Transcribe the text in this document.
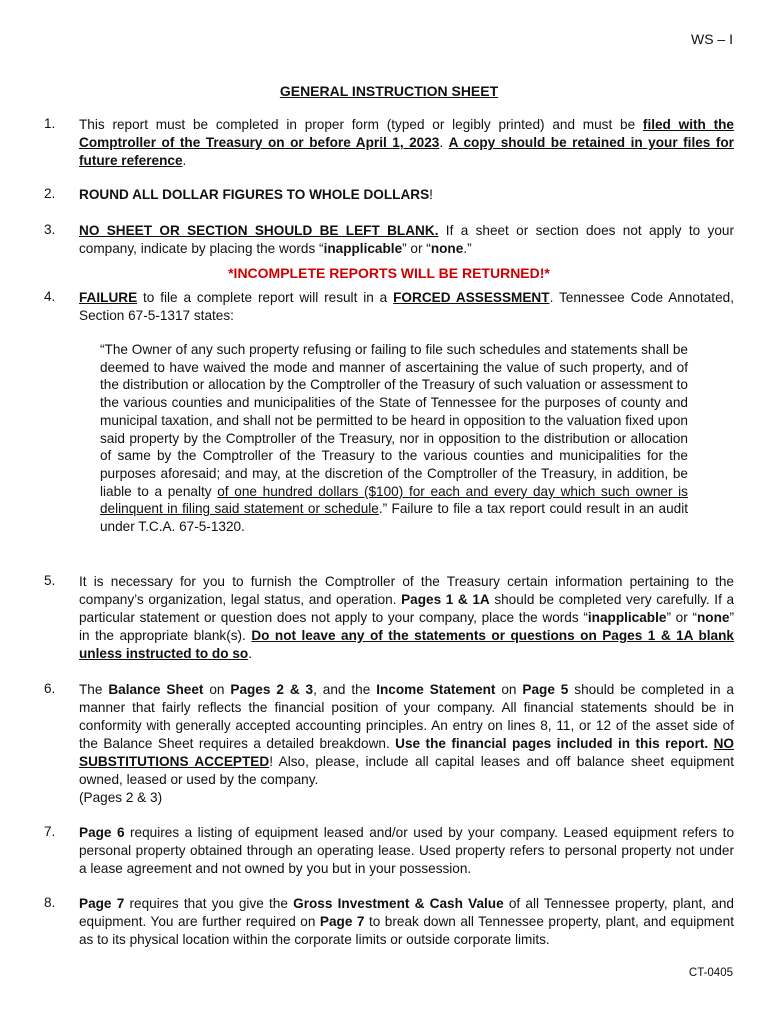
WS – I
GENERAL INSTRUCTION SHEET
1.	This report must be completed in proper form (typed or legibly printed) and must be filed with the Comptroller of the Treasury on or before April 1, 2023. A copy should be retained in your files for future reference.
2.	ROUND ALL DOLLAR FIGURES TO WHOLE DOLLARS!
3.	NO SHEET OR SECTION SHOULD BE LEFT BLANK. If a sheet or section does not apply to your company, indicate by placing the words “inapplicable” or “none.”
*INCOMPLETE REPORTS WILL BE RETURNED!*
4.	FAILURE to file a complete report will result in a FORCED ASSESSMENT. Tennessee Code Annotated, Section 67-5-1317 states:
“The Owner of any such property refusing or failing to file such schedules and statements shall be deemed to have waived the mode and manner of ascertaining the value of such property, and of the distribution or allocation by the Comptroller of the Treasury of such valuation or assessment to the various counties and municipalities of the State of Tennessee for the purposes of county and municipal taxation, and shall not be permitted to be heard in opposition to the valuation fixed upon said property by the Comptroller of the Treasury, nor in opposition to the distribution or allocation of same by the Comptroller of the Treasury to the various counties and municipalities for the purposes aforesaid; and may, at the discretion of the Comptroller of the Treasury, in addition, be liable to a penalty of one hundred dollars ($100) for each and every day which such owner is delinquent in filing said statement or schedule.” Failure to file a tax report could result in an audit under T.C.A. 67-5-1320.
5.	It is necessary for you to furnish the Comptroller of the Treasury certain information pertaining to the company’s organization, legal status, and operation. Pages 1 & 1A should be completed very carefully. If a particular statement or question does not apply to your company, place the words “inapplicable” or “none” in the appropriate blank(s). Do not leave any of the statements or questions on Pages 1 & 1A blank unless instructed to do so.
6.	The Balance Sheet on Pages 2 & 3, and the Income Statement on Page 5 should be completed in a manner that fairly reflects the financial position of your company. All financial statements should be in conformity with generally accepted accounting principles. An entry on lines 8, 11, or 12 of the asset side of the Balance Sheet requires a detailed breakdown. Use the financial pages included in this report. NO SUBSTITUTIONS ACCEPTED! Also, please, include all capital leases and off balance sheet equipment owned, leased or used by the company.
(Pages 2 & 3)
7.	Page 6 requires a listing of equipment leased and/or used by your company. Leased equipment refers to personal property obtained through an operating lease. Used property refers to personal property not under a lease agreement and not owned by you but in your possession.
8.	Page 7 requires that you give the Gross Investment & Cash Value of all Tennessee property, plant, and equipment. You are further required on Page 7 to break down all Tennessee property, plant, and equipment as to its physical location within the corporate limits or outside corporate limits.
CT-0405
